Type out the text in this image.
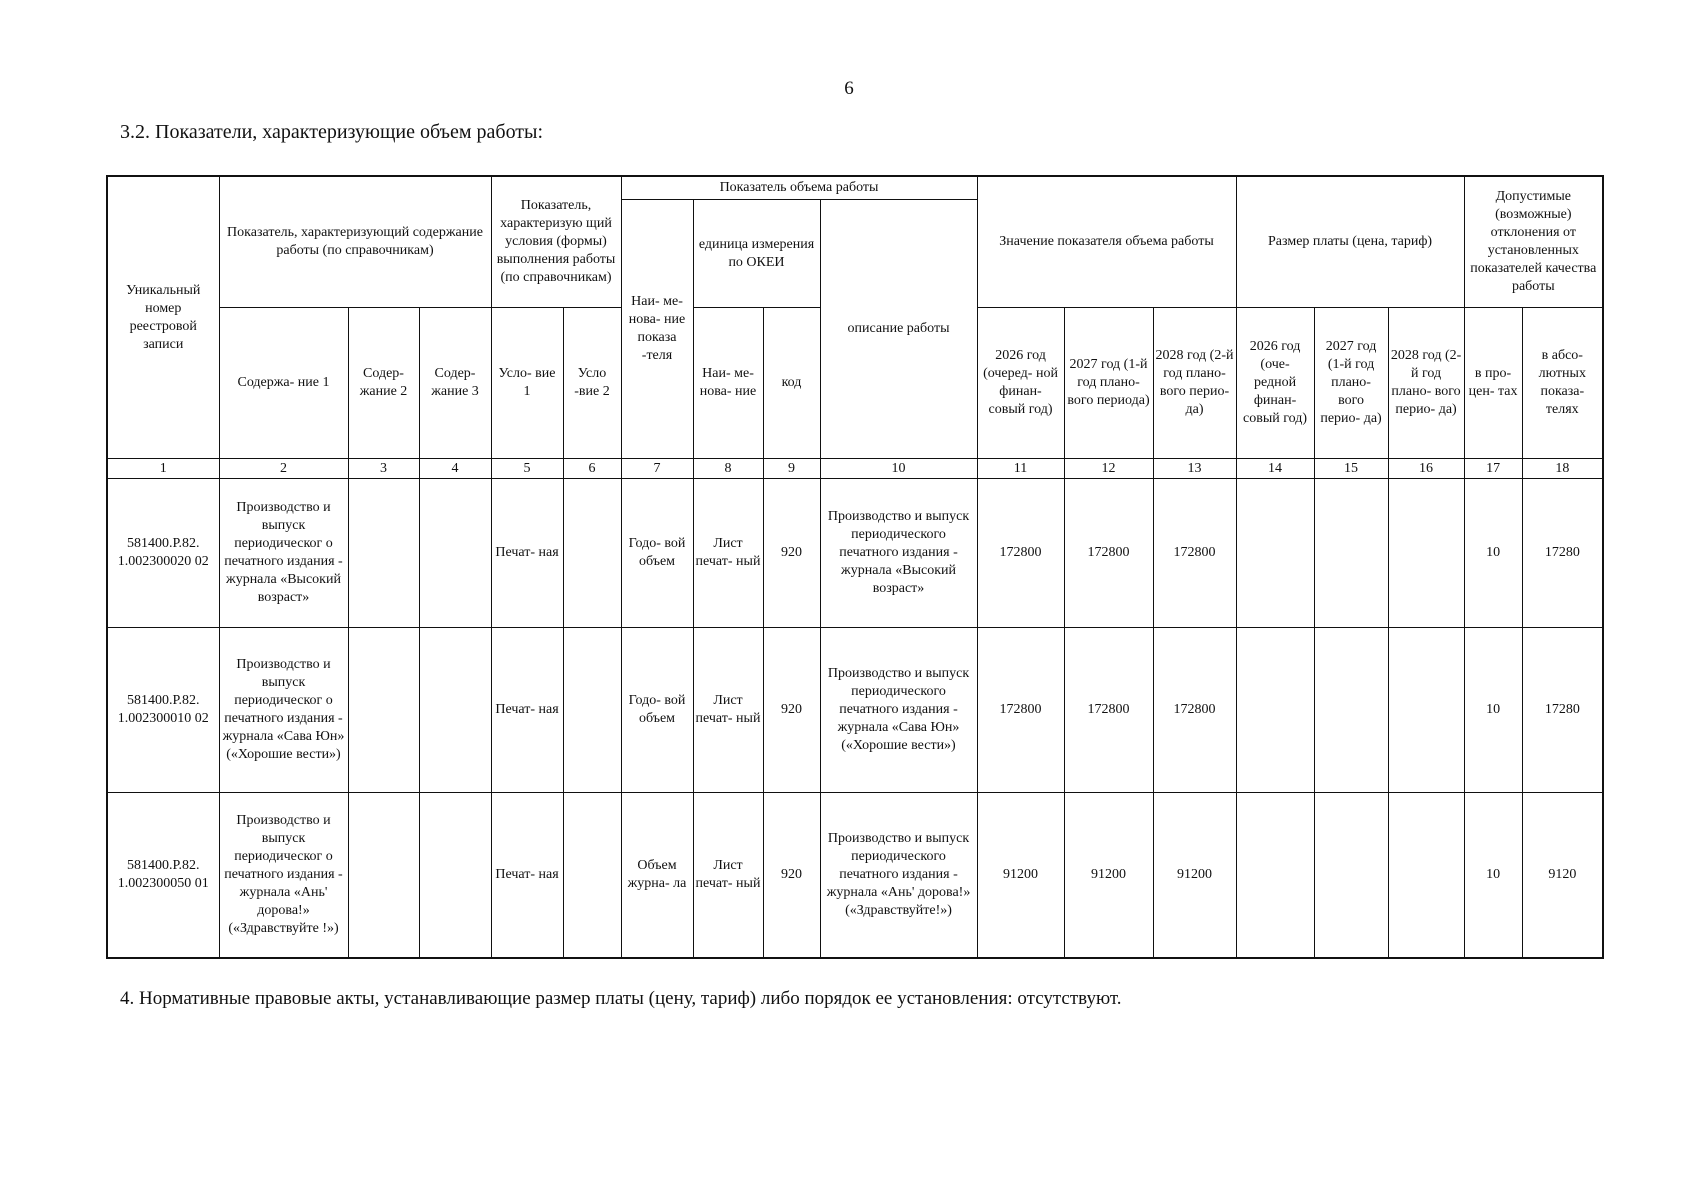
6
3.2. Показатели, характеризующие объем работы:
Уникальный номер реестровой записи	Показатель, характеризующий содержание работы (по справочникам)			Показатель, характеризую щий условия (формы) выполнения работы (по справочникам)		Показатель объема работы				Значение показателя объема работы			Размер платы (цена, тариф)			Допустимые (возможные) отклонения от установленных показателей качества работы	
						Наи- ме- нова- ние показа -теля	единица измерения по ОКЕИ		описание работы								
	Содержа- ние 1	Содер- жание 2	Содер- жание 3	Усло- вие 1	Усло -вие 2		Наи- ме- нова- ние	код		2026 год (очеред- ной финан- совый год)	2027 год (1-й год плано- вого периода)	2028 год (2-й год плано- вого перио- да)	2026 год (оче- редной финан- совый год)	2027 год (1-й год плано- вого перио- да)	2028 год (2-й год плано- вого перио- да)	в про- цен- тах	в абсо- лютных показа- телях
1	2	3	4	5	6	7	8	9	10	11	12	13	14	15	16	17	18
581400.Р.82. 1.002300020 02	Производство и выпуск периодическог о печатного издания - журнала «Высокий возраст»			Печат- ная		Годо- вой объем	Лист печат- ный	920	Производство и выпуск периодического печатного издания - журнала «Высокий возраст»	172800	172800	172800				10	17280
581400.Р.82. 1.002300010 02	Производство и выпуск периодическог о печатного издания - журнала «Сава Юн» («Хорошие вести»)			Печат- ная		Годо- вой объем	Лист печат- ный	920	Производство и выпуск периодического печатного издания - журнала «Сава Юн» («Хорошие вести»)	172800	172800	172800				10	17280
581400.Р.82. 1.002300050 01	Производство и выпуск периодическог о печатного издания - журнала «Ань' дорова!» («Здравствуйте !»)			Печат- ная		Объем журна- ла	Лист печат- ный	920	Производство и выпуск периодического печатного издания - журнала «Ань' дорова!» («Здравствуйте!»)	91200	91200	91200				10	9120
4. Нормативные правовые акты, устанавливающие размер платы (цену, тариф) либо порядок ее установления: отсутствуют.
